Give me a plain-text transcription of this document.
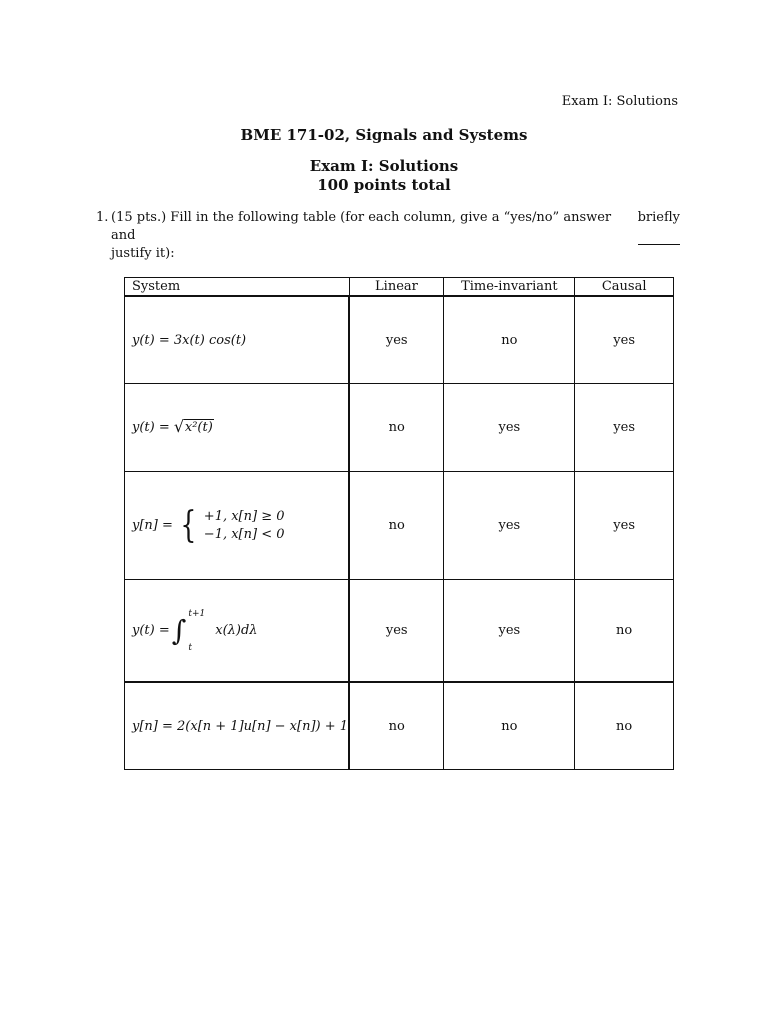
Exam I: Solutions
BME 171-02, Signals and Systems
Exam I: Solutions
100 points total
1. (15 pts.) Fill in the following table (for each column, give a “yes/no” answer and
briefly
justify it):
System	Linear	Time-invariant	Causal
y(t) = 3x(t) cos(t)	yes	no	yes
y(t) = √ x²(t)	no	yes	yes

y[n] = { +1, x[n] ≥ 0
−1, x[n] < 0	no	yes	yes

y(t) = ∫
t+1
t
x(λ)dλ	yes	yes	no
y[n] = 2(x[n + 1]u[n] − x[n]) + 1	no	no	no
